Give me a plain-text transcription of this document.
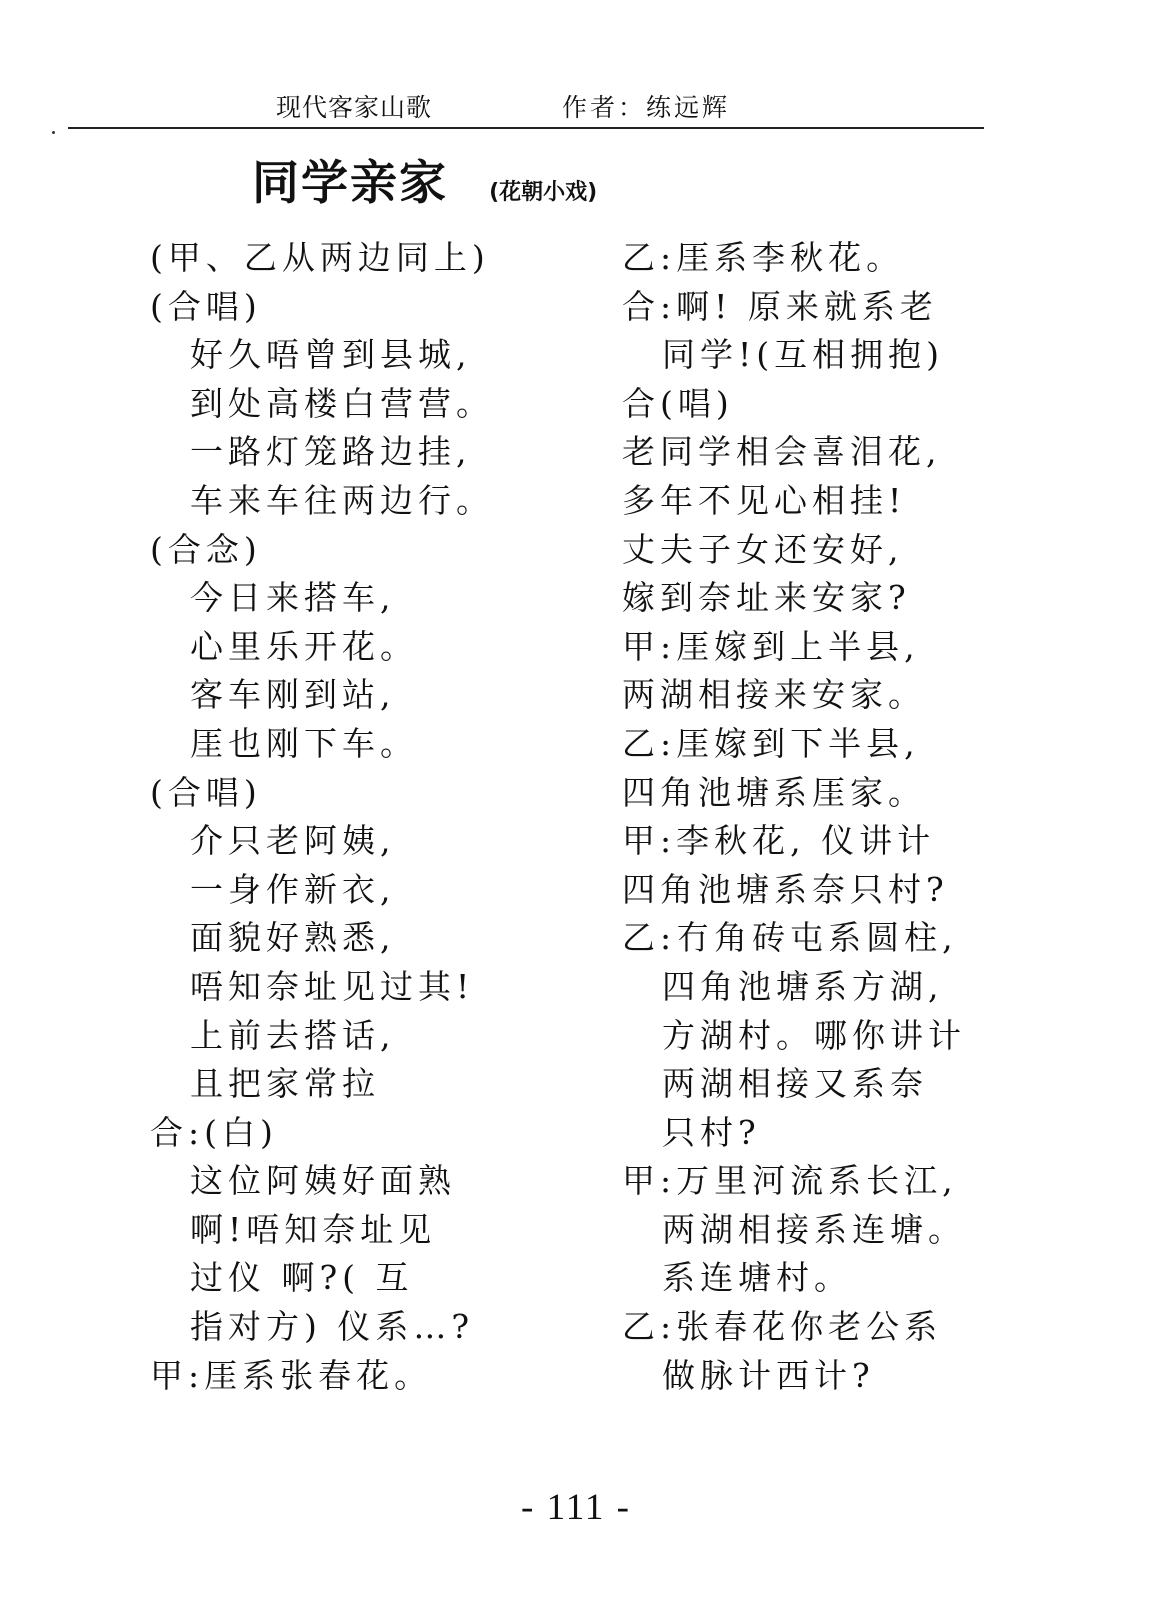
现代客家山歌	作者：练远辉
同学亲家 (花朝小戏)
(甲、乙从两边同上)
(合唱)
好久唔曾到县城,
到处高楼白营营。
一路灯笼路边挂,
车来车往两边行。
(合念)
今日来搭车,
心里乐开花。
客车刚到站,
厓也刚下车。
(合唱)
介只老阿姨,
一身作新衣,
面貌好熟悉,
唔知奈址见过其!
上前去搭话,
且把家常拉
合:(白)
这位阿姨好面熟
啊!唔知奈址见
过仪 啊?( 互
指对方) 仪系…?
甲:厓系张春花。
乙:厓系李秋花。
合:啊! 原来就系老
同学!(互相拥抱)
合(唱)
老同学相会喜泪花,
多年不见心相挂!
丈夫子女还安好,
嫁到奈址来安家?
甲:厓嫁到上半县,
两湖相接来安家。
乙:厓嫁到下半县,
四角池塘系厓家。
甲:李秋花, 仪讲计
四角池塘系奈只村?
乙:冇角砖屯系圆柱,
四角池塘系方湖,
方湖村。哪你讲计
两湖相接又系奈
只村?
甲:万里河流系长江,
两湖相接系连塘。
系连塘村。
乙:张春花你老公系
做脉计西计?
- 111 -
